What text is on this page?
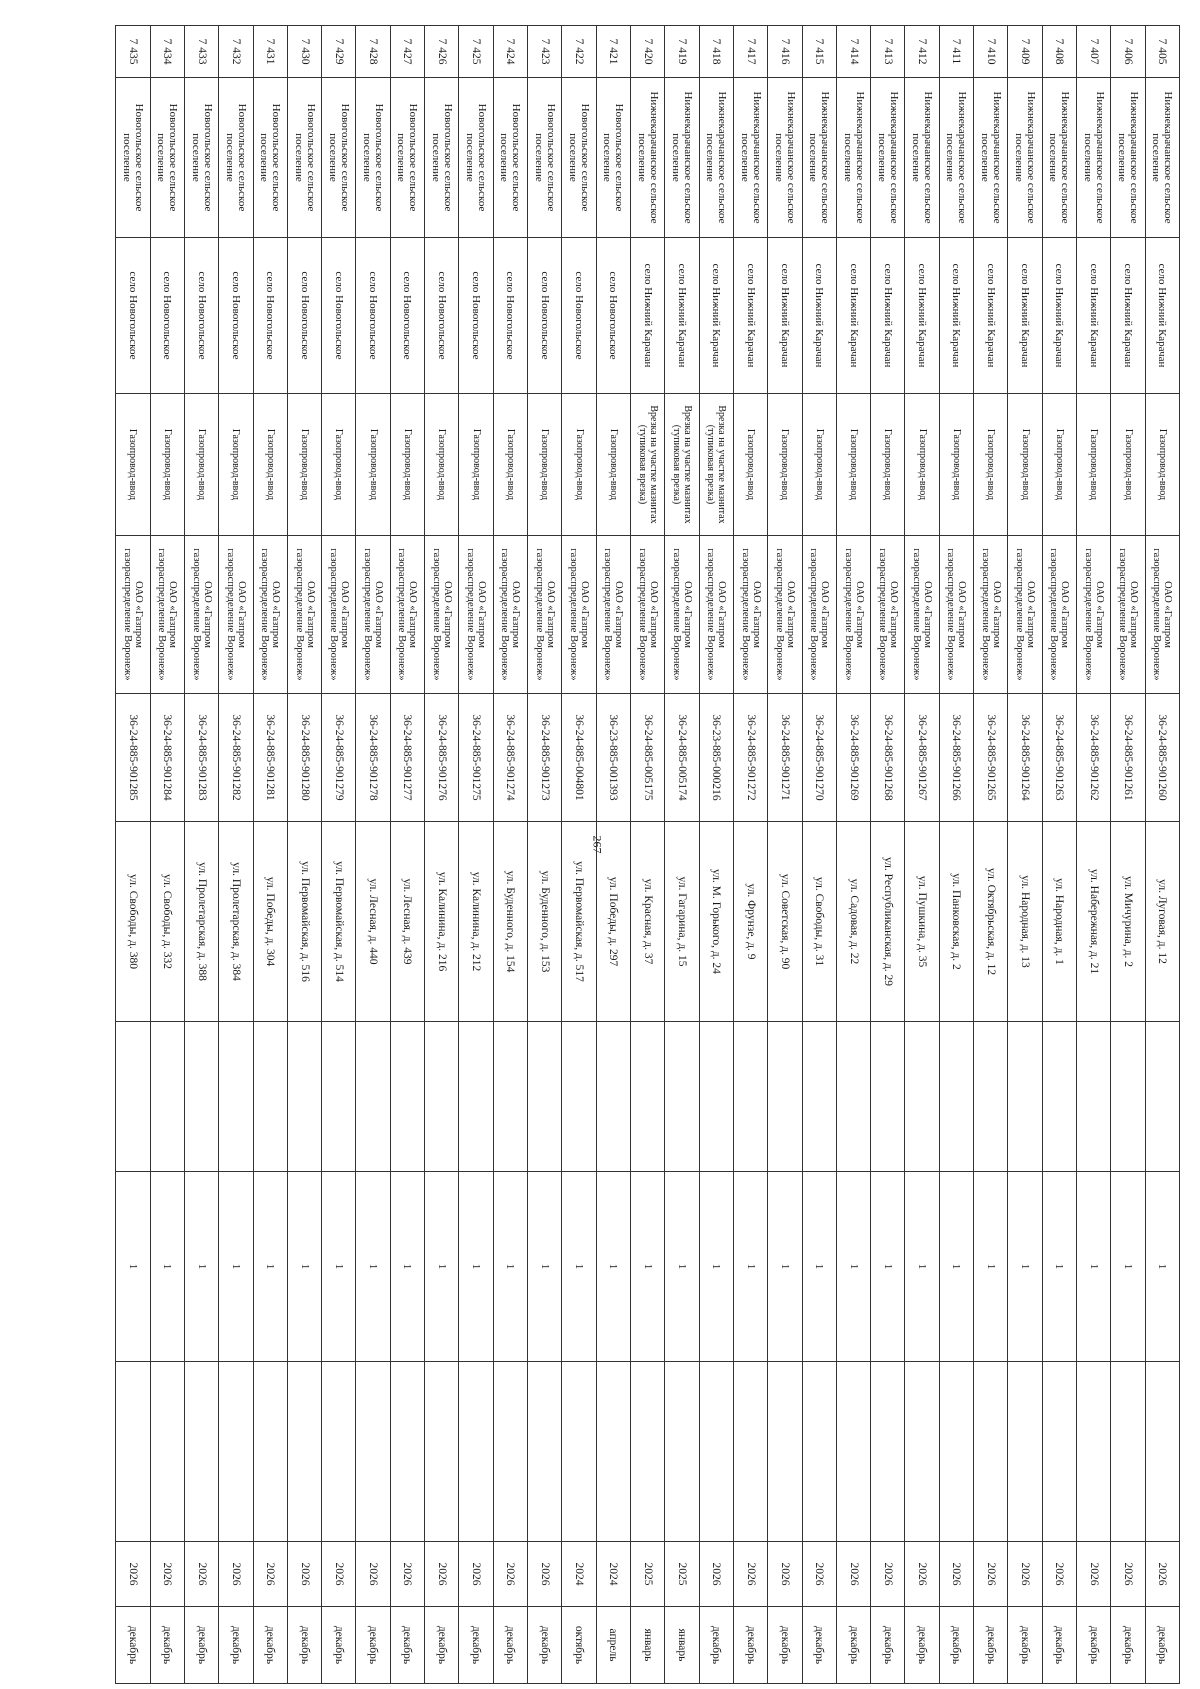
267
7 405	Нижнекарачанское сельское поселение	село Нижний Карачан	Газопровод-ввод	ОАО «Газпром газораспределение Воронеж»	36-24-885-901260	ул. Луговая, д. 12		1		2026	декабрь
7 406	Нижнекарачанское сельское поселение	село Нижний Карачан	Газопровод-ввод	ОАО «Газпром газораспределение Воронеж»	36-24-885-901261	ул. Мичурина, д. 2		1		2026	декабрь
7 407	Нижнекарачанское сельское поселение	село Нижний Карачан	Газопровод-ввод	ОАО «Газпром газораспределение Воронеж»	36-24-885-901262	ул. Набережная, д. 21		1		2026	декабрь
7 408	Нижнекарачанское сельское поселение	село Нижний Карачан	Газопровод-ввод	ОАО «Газпром газораспределение Воронеж»	36-24-885-901263	ул. Народная, д. 1		1		2026	декабрь
7 409	Нижнекарачанское сельское поселение	село Нижний Карачан	Газопровод-ввод	ОАО «Газпром газораспределение Воронеж»	36-24-885-901264	ул. Народная, д. 13		1		2026	декабрь
7 410	Нижнекарачанское сельское поселение	село Нижний Карачан	Газопровод-ввод	ОАО «Газпром газораспределение Воронеж»	36-24-885-901265	ул. Октябрьская, д. 12		1		2026	декабрь
7 411	Нижнекарачанское сельское поселение	село Нижний Карачан	Газопровод-ввод	ОАО «Газпром газораспределение Воронеж»	36-24-885-901266	ул. Панковская, д. 2		1		2026	декабрь
7 412	Нижнекарачанское сельское поселение	село Нижний Карачан	Газопровод-ввод	ОАО «Газпром газораспределение Воронеж»	36-24-885-901267	ул. Пушкина, д. 35		1		2026	декабрь
7 413	Нижнекарачанское сельское поселение	село Нижний Карачан	Газопровод-ввод	ОАО «Газпром газораспределение Воронеж»	36-24-885-901268	ул. Республиканская, д. 29		1		2026	декабрь
7 414	Нижнекарачанское сельское поселение	село Нижний Карачан	Газопровод-ввод	ОАО «Газпром газораспределение Воронеж»	36-24-885-901269	ул. Садовая, д. 22		1		2026	декабрь
7 415	Нижнекарачанское сельское поселение	село Нижний Карачан	Газопровод-ввод	ОАО «Газпром газораспределение Воронеж»	36-24-885-901270	ул. Свободы, д. 31		1		2026	декабрь
7 416	Нижнекарачанское сельское поселение	село Нижний Карачан	Газопровод-ввод	ОАО «Газпром газораспределение Воронеж»	36-24-885-901271	ул. Советская, д. 90		1		2026	декабрь
7 417	Нижнекарачанское сельское поселение	село Нижний Карачан	Газопровод-ввод	ОАО «Газпром газораспределение Воронеж»	36-24-885-901272	ул. Фрунзе, д. 9		1		2026	декабрь
7 418	Нижнекарачанское сельское поселение	село Нижний Карачан	Врезка на участке мазнитах (тупиковая врезка)	ОАО «Газпром газораспределение Воронеж»	36-23-885-000216	ул. М. Горького, д. 24		1		2026	декабрь
7 419	Нижнекарачанское сельское поселение	село Нижний Карачан	Врезка на участке мазнитах (тупиковая врезка)	ОАО «Газпром газораспределение Воронеж»	36-24-885-005174	ул. Гагарина, д. 15		1		2025	январь
7 420	Нижнекарачанское сельское поселение	село Нижний Карачан	Врезка на участке мазнитах (тупиковая врезка)	ОАО «Газпром газораспределение Воронеж»	36-24-885-005175	ул. Красная, д. 37		1		2025	январь
7 421	Новогольское сельское поселение	село Новогольское	Газопровод-ввод	ОАО «Газпром газораспределение Воронеж»	36-23-885-001393	ул. Победы, д. 297		1		2024	апрель
7 422	Новогольское сельское поселение	село Новогольское	Газопровод-ввод	ОАО «Газпром газораспределение Воронеж»	36-24-885-004801	ул. Первомайская, д. 517		1		2024	октябрь
7 423	Новогольское сельское поселение	село Новогольское	Газопровод-ввод	ОАО «Газпром газораспределение Воронеж»	36-24-885-901273	ул. Буденного, д. 153		1		2026	декабрь
7 424	Новогольское сельское поселение	село Новогольское	Газопровод-ввод	ОАО «Газпром газораспределение Воронеж»	36-24-885-901274	ул. Буденного, д. 154		1		2026	декабрь
7 425	Новогольское сельское поселение	село Новогольское	Газопровод-ввод	ОАО «Газпром газораспределение Воронеж»	36-24-885-901275	ул. Калинина, д. 212		1		2026	декабрь
7 426	Новогольское сельское поселение	село Новогольское	Газопровод-ввод	ОАО «Газпром газораспределение Воронеж»	36-24-885-901276	ул. Калинина, д. 216		1		2026	декабрь
7 427	Новогольское сельское поселение	село Новогольское	Газопровод-ввод	ОАО «Газпром газораспределение Воронеж»	36-24-885-901277	ул. Лесная, д. 439		1		2026	декабрь
7 428	Новогольское сельское поселение	село Новогольское	Газопровод-ввод	ОАО «Газпром газораспределение Воронеж»	36-24-885-901278	ул. Лесная, д. 440		1		2026	декабрь
7 429	Новогольское сельское поселение	село Новогольское	Газопровод-ввод	ОАО «Газпром газораспределение Воронеж»	36-24-885-901279	ул. Первомайская, д. 514		1		2026	декабрь
7 430	Новогольское сельское поселение	село Новогольское	Газопровод-ввод	ОАО «Газпром газораспределение Воронеж»	36-24-885-901280	ул. Первомайская, д. 516		1		2026	декабрь
7 431	Новогольское сельское поселение	село Новогольское	Газопровод-ввод	ОАО «Газпром газораспределение Воронеж»	36-24-885-901281	ул. Победы, д. 304		1		2026	декабрь
7 432	Новогольское сельское поселение	село Новогольское	Газопровод-ввод	ОАО «Газпром газораспределение Воронеж»	36-24-885-901282	ул. Пролетарская, д. 384		1		2026	декабрь
7 433	Новогольское сельское поселение	село Новогольское	Газопровод-ввод	ОАО «Газпром газораспределение Воронеж»	36-24-885-901283	ул. Пролетарская, д. 388		1		2026	декабрь
7 434	Новогольское сельское поселение	село Новогольское	Газопровод-ввод	ОАО «Газпром газораспределение Воронеж»	36-24-885-901284	ул. Свободы, д. 332		1		2026	декабрь
7 435	Новогольское сельское поселение	село Новогольское	Газопровод-ввод	ОАО «Газпром газораспределение Воронеж»	36-24-885-901285	ул. Свободы, д. 380		1		2026	декабрь
